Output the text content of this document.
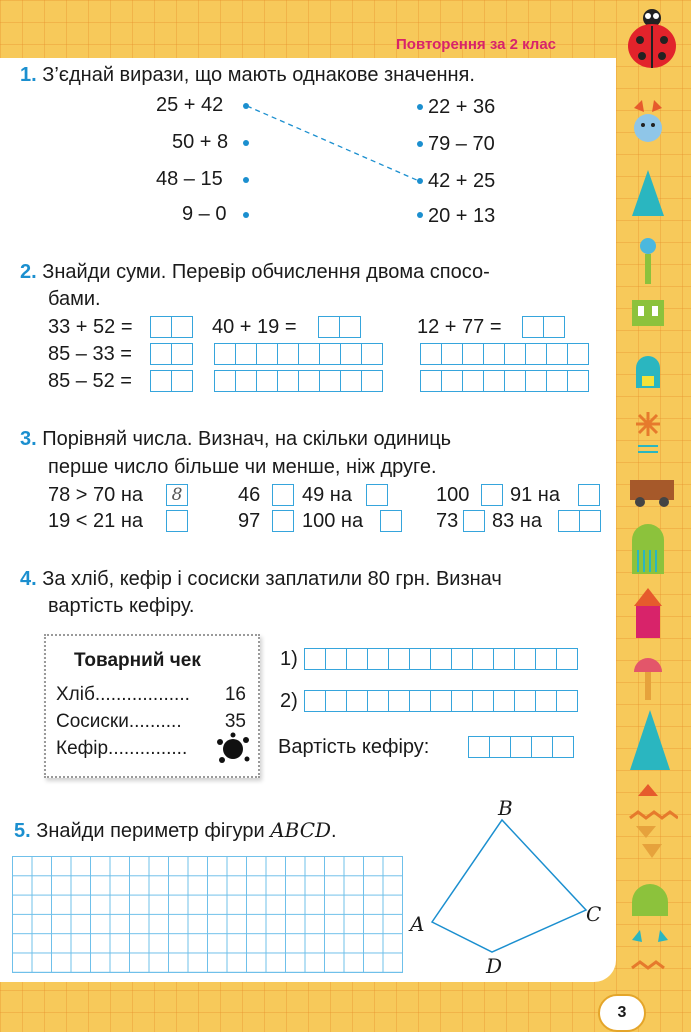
Повторення за 2 клас
1. З’єднай вирази, що мають однакове значення.
25 + 42
50 + 8
48 – 15
9 – 0
22 + 36
79 – 70
42 + 25
20 + 13
2. Знайди суми. Перевір обчислення двома спосо-
бами.
33 + 52 =	40 + 19 =	12 + 77 =
85 – 33 =
85 – 52 =
3. Порівняй числа. Визнач, на скільки одиниць
перше число більше чи менше, ніж друге.
78 > 70 на	8	46 49 на	100 91 на
19 < 21 на	97 100 на	73 83 на
4. За хліб, кефір і сосиски заплатили 80 грн. Визнач
вартість кефіру.
Товарний чек
Хліб.................. 16
Сосиски.......... 35
Кефір...............
1)
2)
Вартість кефіру:
5. Знайди периметр фігури ABCD.
A
B
C
D
3
